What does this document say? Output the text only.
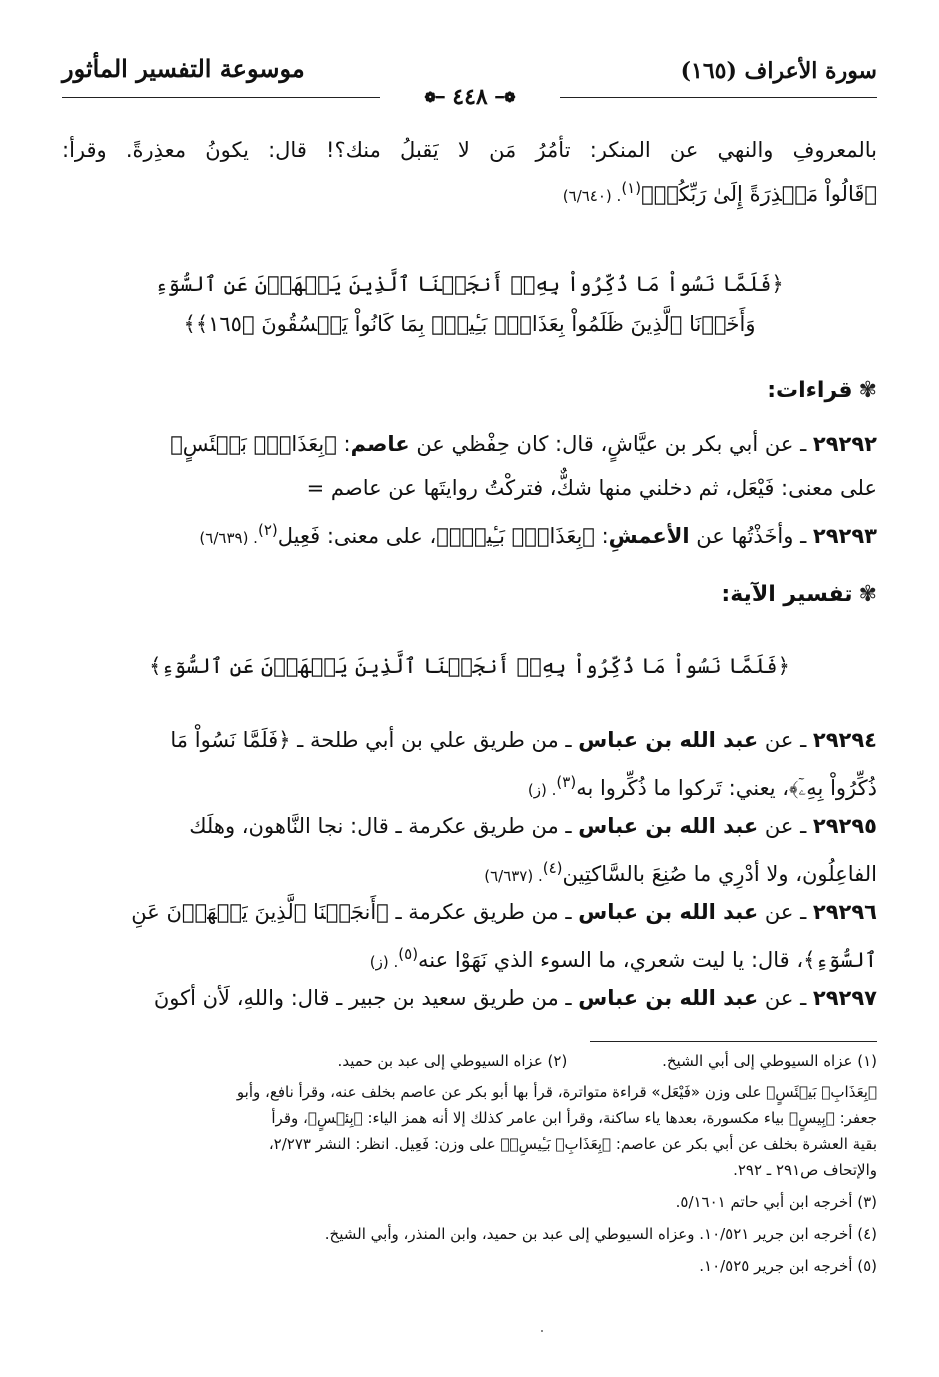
سورة الأعراف (١٦٥)
موسوعة التفسير المأثور
❁━ ٤٤٨ ━❁
بالمعروفِ والنهي عن المنكر: تأمُرُ مَن لا يَقبلُ منك؟! قال: يكونُ معذِرةً. وقرأ:
﴿قَالُواْ مَعۡذِرَةً إِلَىٰ رَبِّكُمۡ﴾$^{(١)}$. (٦/٦٤٠)
﴿فَلَمَّا نَسُواْ مَا ذُكِّرُواْ بِهِۦٓ أَنجَيۡنَا ٱلَّذِينَ يَنۡهَوۡنَ عَنِ ٱلسُّوٓءِ
وَأَخَذۡنَا ٱلَّذِينَ ظَلَمُواْ بِعَذَابِۭ بَـِٔيسِۭ بِمَا كَانُواْ يَفۡسُقُونَ ﴿١٦٥﴾﴾
✾قراءات:
٢٩٢٩٢ ـ عن أبي بكر بن عيَّاشٍ، قال: كان حِفْظي عن عاصم: ﴿بِعَذَابِۭ بَيۡئَسٍ﴾
على معنى: فَيْعَل، ثم دخلني منها شكٌّ، فتركْتُ روايتَها عن عاصم =
٢٩٢٩٣ ـ وأخَذْتُها عن الأعمشِ: ﴿بِعَذَابِۭ بَـِٔيسِۭ﴾، على معنى: فَعِيل$^{(٢)}$. (٦/٦٣٩)
✾تفسير الآية:
﴿فَلَمَّا نَسُواْ مَا ذُكِّرُواْ بِهِۦٓ أَنجَيۡنَا ٱلَّذِينَ يَنۡهَوۡنَ عَنِ ٱلسُّوٓءِ﴾
٢٩٢٩٤ ـ عن عبد الله بن عباس ـ من طريق علي بن أبي طلحة ـ ﴿فَلَمَّا نَسُواْ مَا
ذُكِّرُواْ بِهِۦٓ﴾، يعني: تَركوا ما ذُكِّروا به$^{(٣)}$. (ز)
٢٩٢٩٥ ـ عن عبد الله بن عباس ـ من طريق عكرمة ـ قال: نجا النَّاهون، وهلَك
الفاعِلُون، ولا أدْرِي ما صُنِعَ بالسَّاكتِين$^{(٤)}$. (٦/٦٣٧)
٢٩٢٩٦ ـ عن عبد الله بن عباس ـ من طريق عكرمة ـ ﴿أَنجَيۡنَا ٱلَّذِينَ يَنۡهَوۡنَ عَنِ
ٱلسُّوٓءِ﴾، قال: يا ليت شعري، ما السوء الذي نَهَوْا عنه$^{(٥)}$. (ز)
٢٩٢٩٧ ـ عن عبد الله بن عباس ـ من طريق سعيد بن جبير ـ قال: واللهِ، لَأن أكونَ
(١) عزاه السيوطي إلى أبي الشيخ. (٢) عزاه السيوطي إلى عبد بن حميد.
﴿بِعَذَابِۭ بَيۡئَسٍ﴾ على وزن «فَيْعَل» قراءة متواترة، قرأ بها أبو بكر عن عاصم بخلف عنه، وقرأ نافع، وأبو
جعفر: ﴿بِيسٍ﴾ بياء مكسورة، بعدها ياء ساكنة، وقرأ ابن عامر كذلك إلا أنه همز الياء: ﴿بِئۡسٍ﴾، وقرأ
بقية العشرة بخلف عن أبي بكر عن عاصم: ﴿بِعَذَابِۭ بَـِٔيسِۭ﴾ على وزن: فَعِيل. انظر: النشر ٢/٢٧٣،
والإتحاف ص٢٩١ ـ ٢٩٢.
(٣) أخرجه ابن أبي حاتم ٥/١٦٠١.
(٤) أخرجه ابن جرير ١٠/٥٢١. وعزاه السيوطي إلى عبد بن حميد، وابن المنذر، وأبي الشيخ.
(٥) أخرجه ابن جرير ١٠/٥٢٥.
